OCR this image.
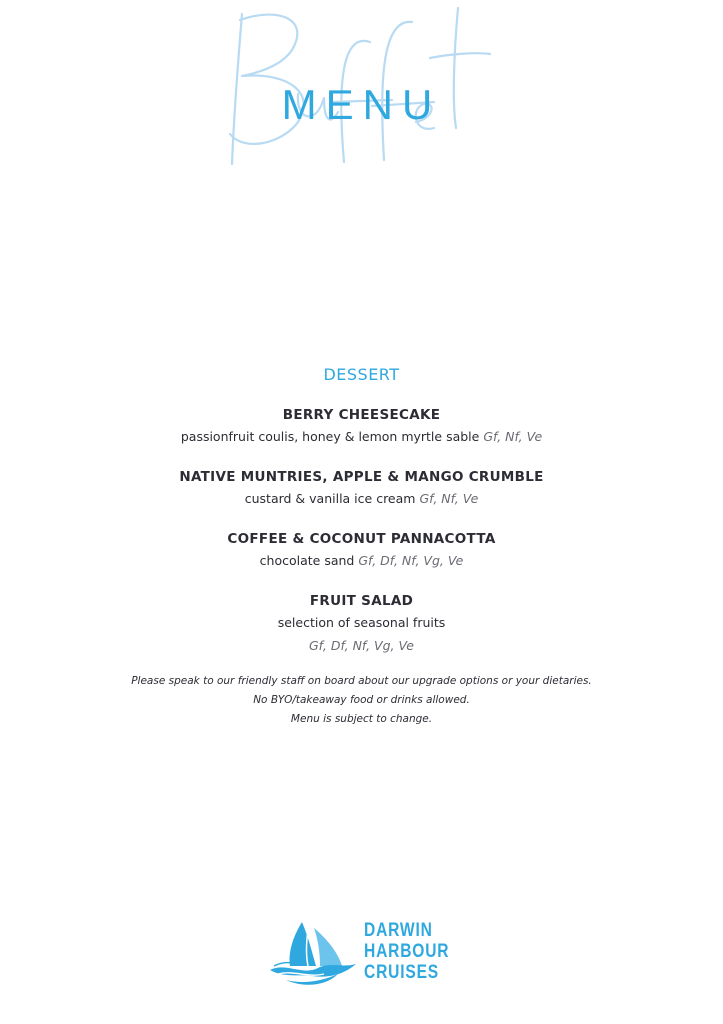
MENU
DESSERT
BERRY CHEESECAKE
passionfruit coulis, honey & lemon myrtle sable Gf, Nf, Ve
NATIVE MUNTRIES, APPLE & MANGO CRUMBLE
custard & vanilla ice cream Gf, Nf, Ve
COFFEE & COCONUT PANNACOTTA
chocolate sand Gf, Df, Nf, Vg, Ve
FRUIT SALAD
selection of seasonal fruits
Gf, Df, Nf, Vg, Ve
Please speak to our friendly staff on board about our upgrade options or your dietaries.
No BYO/takeaway food or drinks allowed.
Menu is subject to change.
DARWIN
HARBOUR
CRUISES
